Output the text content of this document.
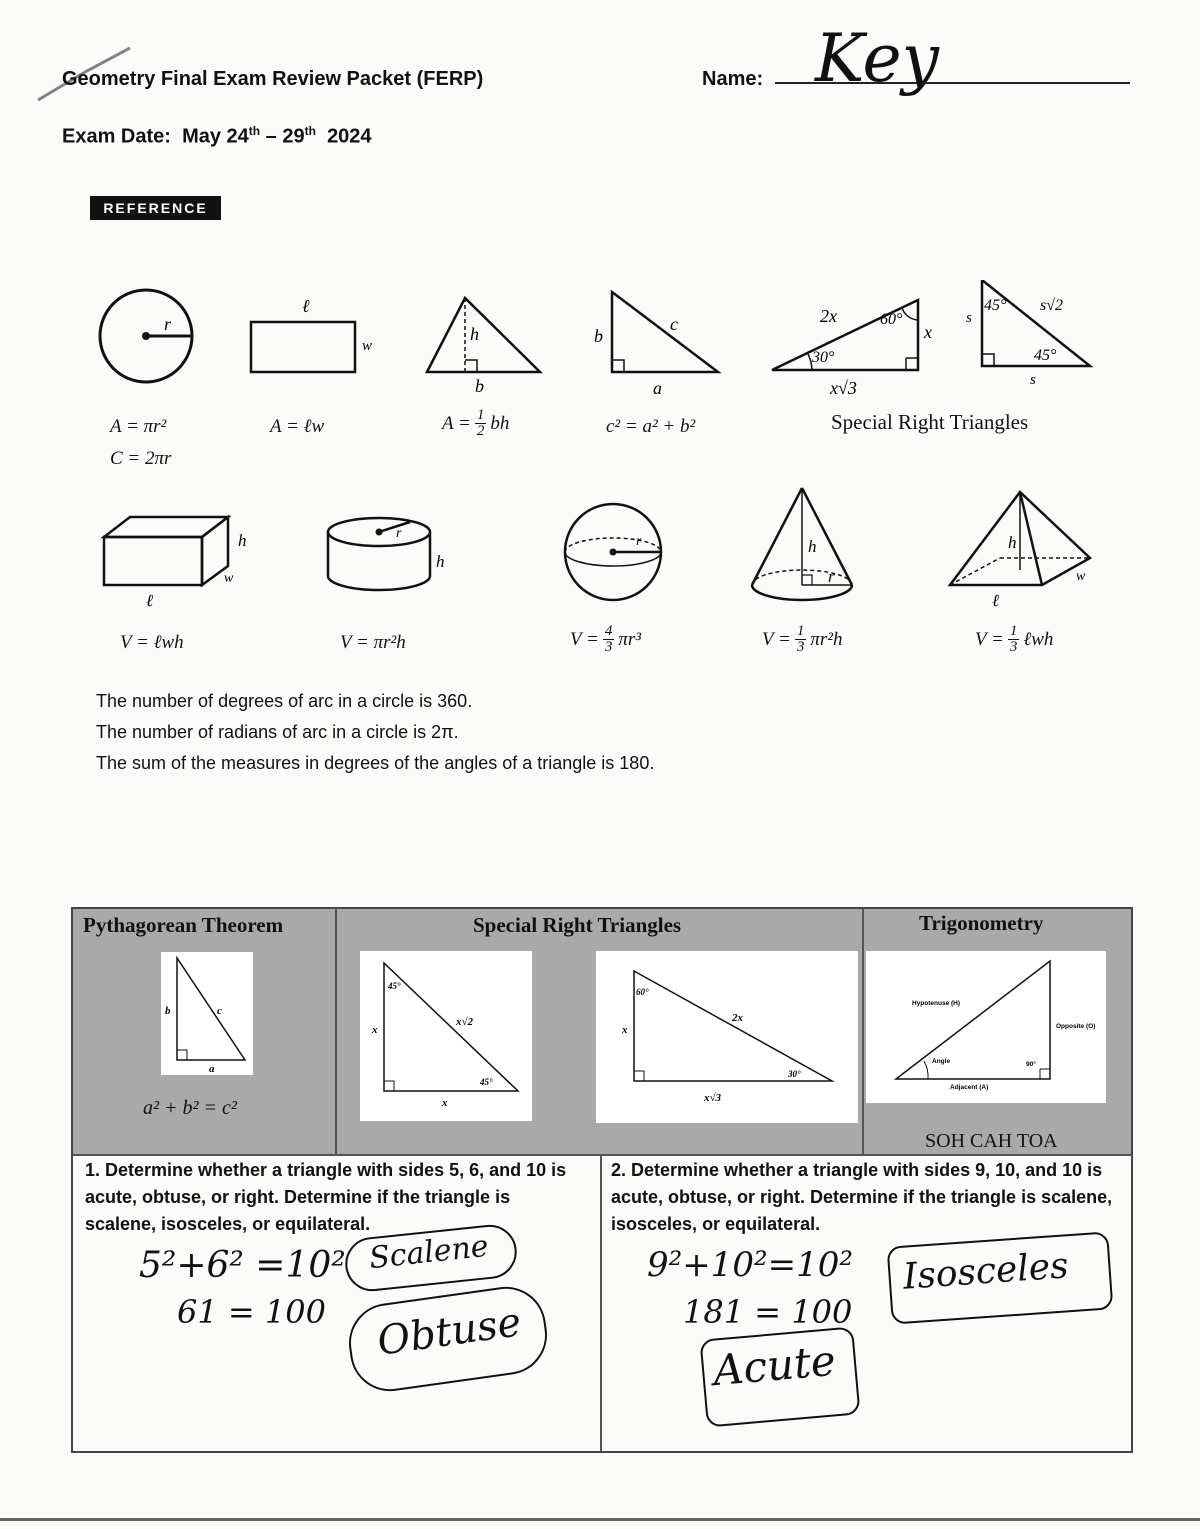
Geometry Final Exam Review Packet (FERP)	Name: Key
Exam Date: May 24th – 29th 2024
REFERENCE
r
ℓ
w
h
b
b
c
a
2x	60°
30°
x
x√3
s
45° s√2
45°
s
A = πr²
C = 2πr
A = ℓw	$A = \frac{1}{2}$ bh	c² = a² + b²	Special Right Triangles
h
w
ℓ
r
h
r	h
r
h
w
ℓ
V = ℓwh	V = πr²h	$V = \frac{4}{3} \pi r^3$	$V = \frac{1}{3} \pi r^2h$	$V = \frac{1}{3}$ ℓwh
The number of degrees of arc in a circle is 360.
The number of radians of arc in a circle is 2π.
The sum of the measures in degrees of the angles of a triangle is 180.
Pythagorean Theorem	Special Right Triangles	Trigonometry
b	c
a
a² + b² = c²
45°
x
x√2
45°
x
60°
x
2x
30°
x√3
Hypotenuse (H)
Opposite (O)
Angle	90°
Adjacent (A)
SOH CAH TOA
1. Determine whether a triangle with sides 5, 6, and 10 is acute, obtuse, or right. Determine if the triangle is scalene, isosceles, or equilateral.
2. Determine whether a triangle with sides 9, 10, and 10 is acute, obtuse, or right. Determine if the triangle is scalene, isosceles, or equilateral.
5²+6² =10²
61 = 100
Scalene
Obtuse
9²+10²=10²
181 = 100
Isosceles
Acute
